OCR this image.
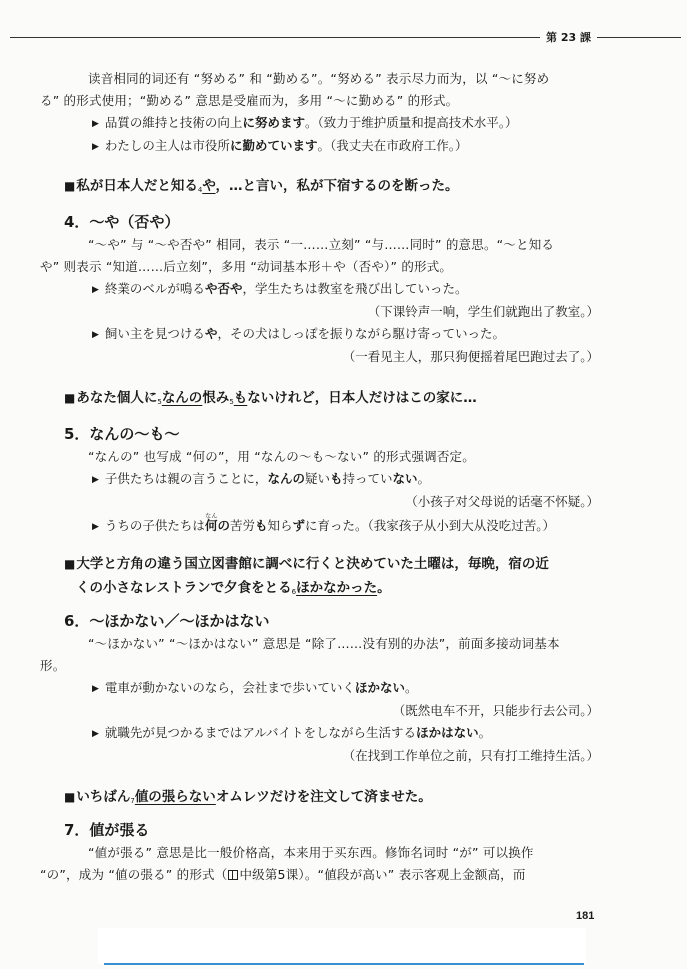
第 23 課

读音相同的词还有 “努める” 和 “勤める”。“努める” 表示尽力而为，以 “～に努め
る” 的形式使用；“勤める” 意思是受雇而为，多用 “～に勤める” 的形式。

▶ 品質の維持と技術の向上に努めます。（致力于维护质量和提高技术水平。）

▶ わたしの主人は市役所に勤めています。（我丈夫在市政府工作。）

■私が日本人だと知る$_4$や，…と言い，私が下宿するのを断った。

4．～や（否や）

“～や” 与 “～や否や” 相同，表示 “一……立刻” “与……同时” 的意思。“～と知る
や” 则表示 “知道……后立刻”，多用 “动词基本形＋や（否や）” 的形式。

▶ 終業のベルが鳴るや否や，学生たちは教室を飛び出していった。

（下课铃声一响，学生们就跑出了教室。）

▶ 飼い主を見つけるや，その犬はしっぽを振りながら駆け寄っていった。

（一看见主人，那只狗便摇着尾巴跑过去了。）

■あなた個人に$_5$なんの恨み$_5$もないけれど，日本人だけはこの家に…

5．なんの～も～

“なんの” 也写成 “何の”，用 “なんの～も～ない” 的形式强调否定。

▶ 子供たちは親の言うことに，なんの疑いも持っていない。

（小孩子对父母说的话毫不怀疑。）

▶ うちの子供たちは何なんの苦労も知らずに育った。（我家孩子从小到大从没吃过苦。）

■大学と方角の違う国立図書館に調べに行くと決めていた土曜は，毎晩，宿の近
くの小さなレストランで夕食をとる$_6$ほかなかった。

6．～ほかない／～ほかはない

“～ほかない” “～ほかはない” 意思是 “除了……没有别的办法”，前面多接动词基本
形。

▶ 電車が動かないのなら，会社まで歩いていくほかない。

（既然电车不开，只能步行去公司。）

▶ 就職先が見つかるまではアルバイトをしながら生活するほかはない。

（在找到工作单位之前，只有打工维持生活。）

■いちばん$_7$値の張らないオムレツだけを注文して済ませた。

7．値が張る

“値が張る” 意思是比一般价格高，本来用于买东西。修饰名词时 “が” 可以换作
“の”，成为 “値の張る” 的形式（ 中级第5课）。“値段が高い” 表示客观上金额高，而

181
